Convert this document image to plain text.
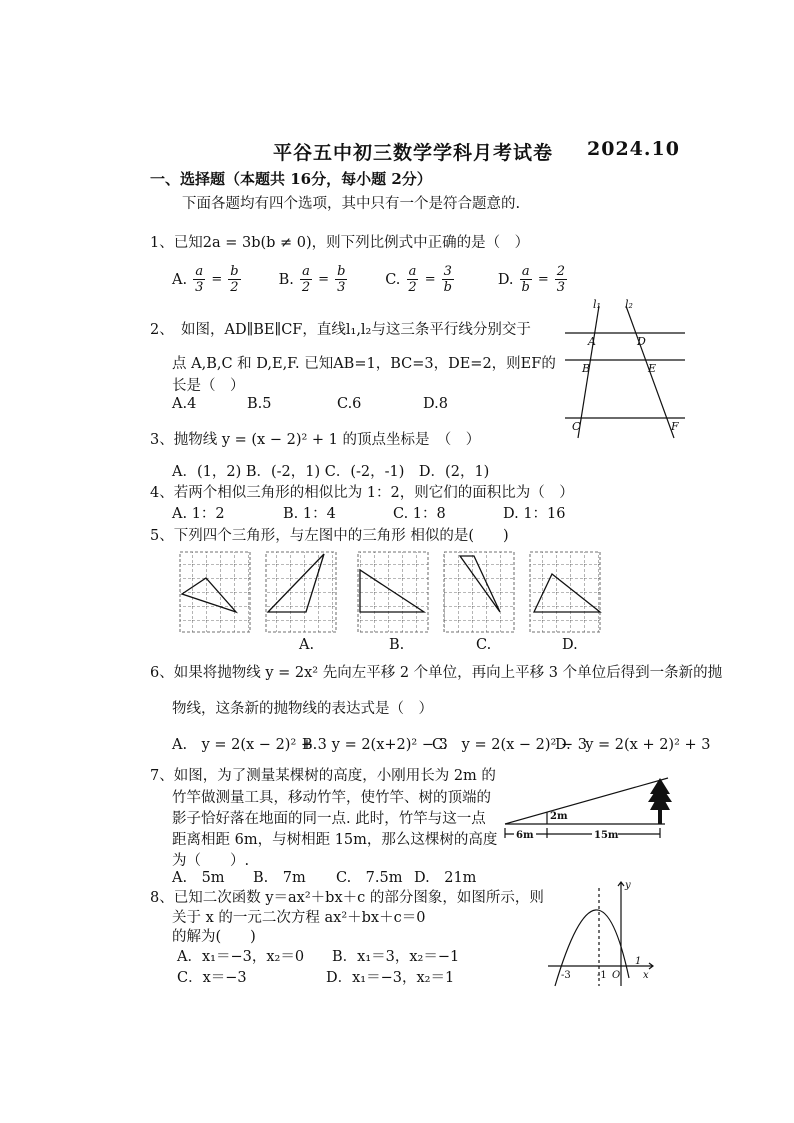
平谷五中初三数学学科月考试卷 2024.10
一、选择题（本题共 16分，每小题 2分）
下面各题均有四个选项，其中只有一个是符合题意的.
1、已知2a = 3b(b ≠ 0)，则下列比例式中正确的是（　）
A. $\frac{a}{3} = \frac{b}{2}$
	B. $\frac{a}{2} = \frac{b}{3}$
	C. $\frac{a}{2} = \frac{3}{b}$
	D. $\frac{a}{b} = \frac{2}{3}$
2、　如图，AD∥BE∥CF，直线l₁,l₂与这三条平行线分别交于
点 A,B,C 和 D,E,F. 已知AB=1，BC=3，DE=2，则EF的
长是（　）
A.4	B.5	C.6	D.8
l₁ l₂
A	D
B	E
C	F
3、抛物线 y = (x − 2)² + 1 的顶点坐标是　（　）
A．(1，2) B．(-2，1) C．(-2，-1)　D．(2，1)
4、若两个相似三角形的相似比为 1：2，则它们的面积比为（　）
A. 1：2	B. 1：4	C. 1：8	D. 1：16
5、下列四个三角形，与左图中的三角形 相似的是(　　)
A.	B.	C.	D.
6、如果将抛物线 y = 2x² 先向左平移 2 个单位，再向上平移 3 个单位后得到一条新的抛
物线，这条新的抛物线的表达式是（　）
A.　y = 2(x − 2)² + 3
B.　y = 2(x+2)² − 3
C.　y = 2(x − 2)² − 3
D.　y = 2(x + 2)² + 3
7、如图，为了测量某棵树的高度，小刚用长为 2m 的
竹竿做测量工具，移动竹竿，使竹竿、树的顶端的
影子恰好落在地面的同一点. 此时，竹竿与这一点
距离相距 6m，与树相距 15m，那么这棵树的高度
为（　　）.
A.　5m B.　7m C.　7.5m D.　21m
2m
6m	15m
8、已知二次函数 y＝ax²＋bx＋c 的部分图象，如图所示，则
关于 x 的一元二次方程 ax²＋bx＋c＝0
的解为(　　)
A．x₁＝−3，x₂＝0 B．x₁＝3，x₂＝−1
C．x＝−3	D．x₁＝−3，x₂＝1
y
x
O
-3	-1
1
